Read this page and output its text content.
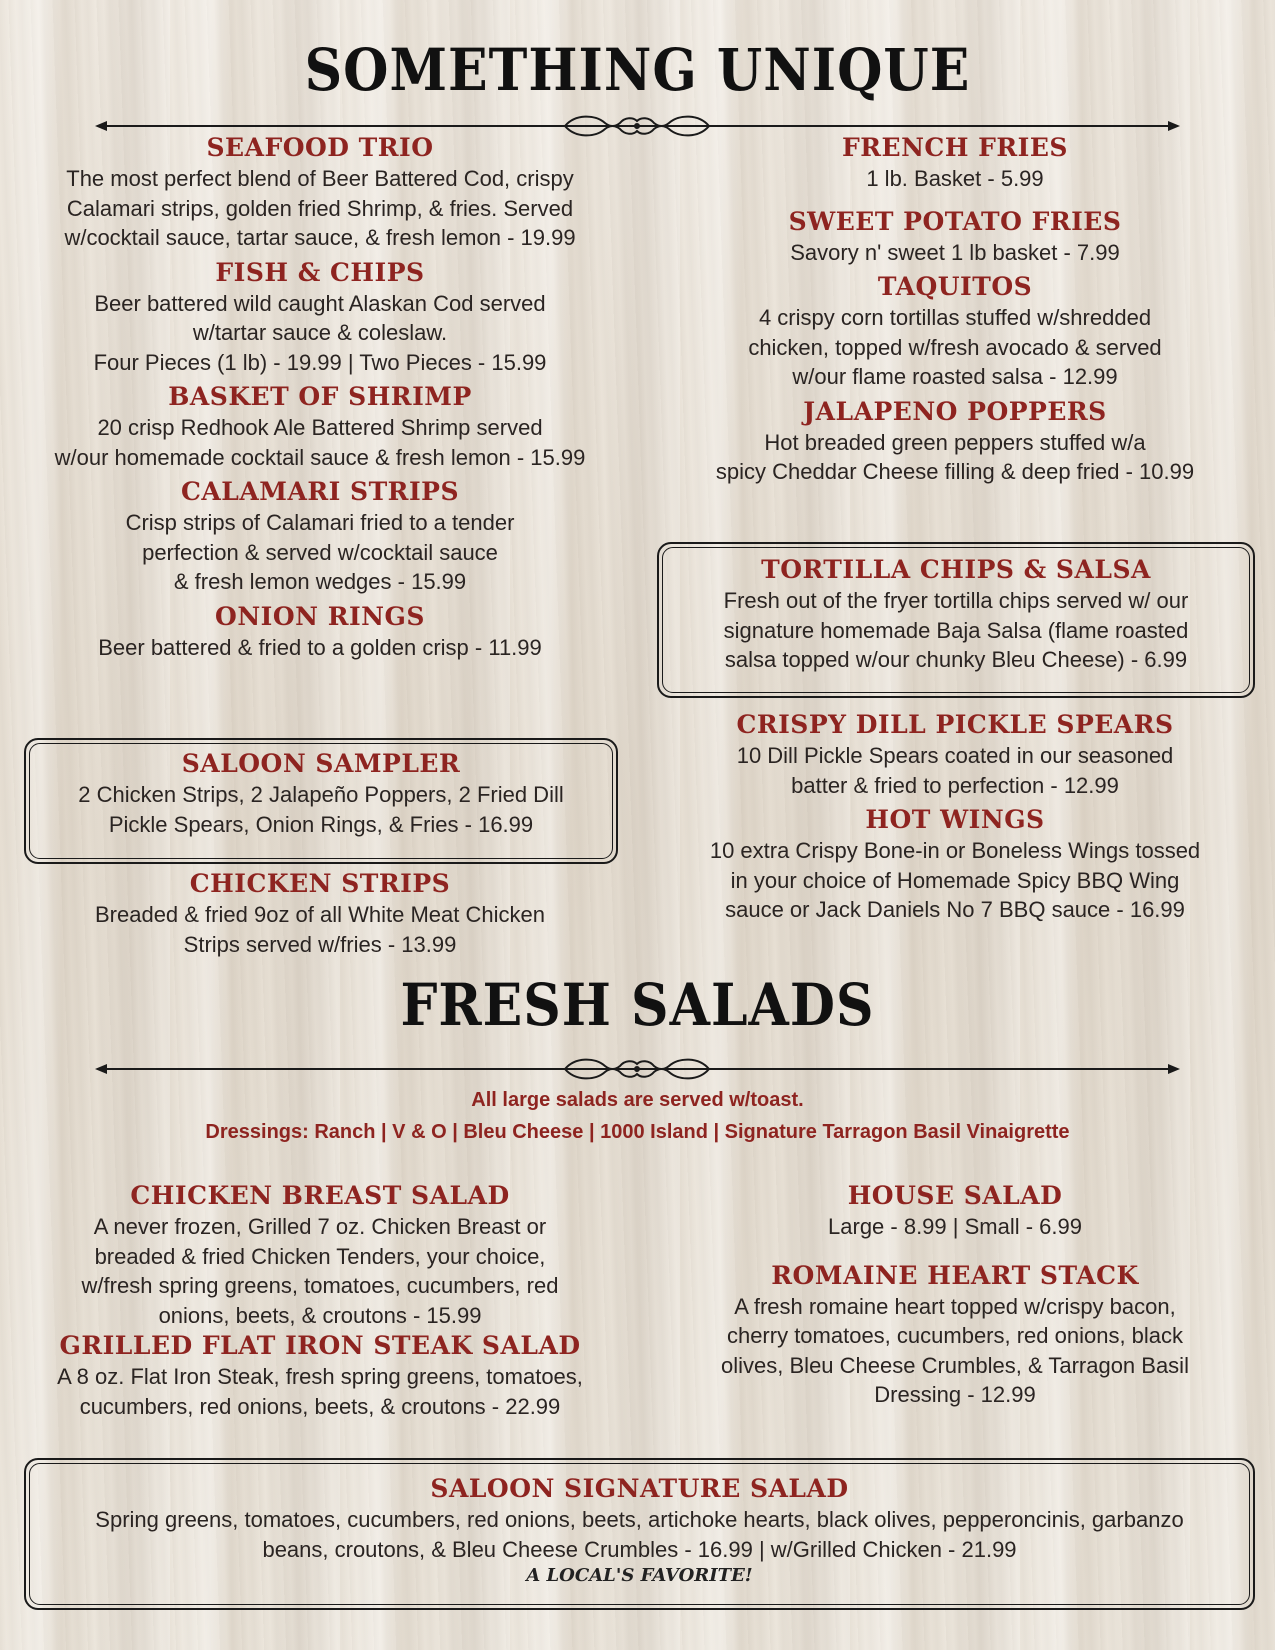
SOMETHING UNIQUE
SEAFOOD TRIO
The most perfect blend of Beer Battered Cod, crispy
Calamari strips, golden fried Shrimp, & fries. Served
w/cocktail sauce, tartar sauce, & fresh lemon - 19.99
FISH & CHIPS
Beer battered wild caught Alaskan Cod served
w/tartar sauce & coleslaw.
Four Pieces (1 lb) - 19.99 | Two Pieces - 15.99
BASKET OF SHRIMP
20 crisp Redhook Ale Battered Shrimp served
w/our homemade cocktail sauce & fresh lemon - 15.99
CALAMARI STRIPS
Crisp strips of Calamari fried to a tender
perfection & served w/cocktail sauce
& fresh lemon wedges - 15.99
ONION RINGS
Beer battered & fried to a golden crisp - 11.99
SALOON SAMPLER
2 Chicken Strips, 2 Jalapeño Poppers, 2 Fried Dill
Pickle Spears, Onion Rings, & Fries - 16.99
CHICKEN STRIPS
Breaded & fried 9oz of all White Meat Chicken
Strips served w/fries - 13.99
FRENCH FRIES
1 lb. Basket - 5.99
SWEET POTATO FRIES
Savory n' sweet 1 lb basket - 7.99
TAQUITOS
4 crispy corn tortillas stuffed w/shredded
chicken, topped w/fresh avocado & served
w/our flame roasted salsa - 12.99
JALAPENO POPPERS
Hot breaded green peppers stuffed w/a
spicy Cheddar Cheese filling & deep fried - 10.99
TORTILLA CHIPS & SALSA
Fresh out of the fryer tortilla chips served w/ our
signature homemade Baja Salsa (flame roasted
salsa topped w/our chunky Bleu Cheese) - 6.99
CRISPY DILL PICKLE SPEARS
10 Dill Pickle Spears coated in our seasoned
batter & fried to perfection - 12.99
HOT WINGS
10 extra Crispy Bone-in or Boneless Wings tossed
in your choice of Homemade Spicy BBQ Wing
sauce or Jack Daniels No 7 BBQ sauce - 16.99
FRESH SALADS
All large salads are served w/toast.
Dressings: Ranch | V & O | Bleu Cheese | 1000 Island | Signature Tarragon Basil Vinaigrette
CHICKEN BREAST SALAD
A never frozen, Grilled 7 oz. Chicken Breast or
breaded & fried Chicken Tenders, your choice,
w/fresh spring greens, tomatoes, cucumbers, red
onions, beets, & croutons - 15.99
GRILLED FLAT IRON STEAK SALAD
A 8 oz. Flat Iron Steak, fresh spring greens, tomatoes,
cucumbers, red onions, beets, & croutons - 22.99
HOUSE SALAD
Large - 8.99 | Small - 6.99
ROMAINE HEART STACK
A fresh romaine heart topped w/crispy bacon,
cherry tomatoes, cucumbers, red onions, black
olives, Bleu Cheese Crumbles, & Tarragon Basil
Dressing - 12.99
SALOON SIGNATURE SALAD
Spring greens, tomatoes, cucumbers, red onions, beets, artichoke hearts, black olives, pepperoncinis, garbanzo
beans, croutons, & Bleu Cheese Crumbles - 16.99 | w/Grilled Chicken - 21.99
A LOCAL'S FAVORITE!
